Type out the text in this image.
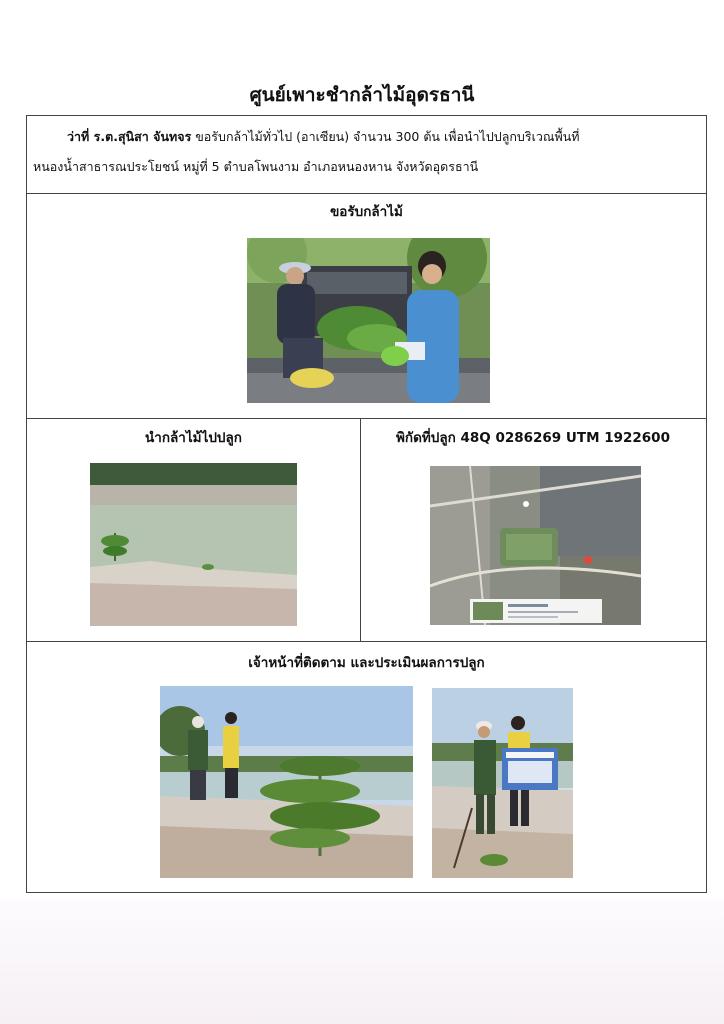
ศูนย์เพาะชำกล้าไม้อุดรธานี
ว่าที่ ร.ต.สุนิสา จันทจร ขอรับกล้าไม้ทั่วไป (อาเซียน) จำนวน 300 ต้น เพื่อนำไปปลูกบริเวณพื้นที่
หนองน้ำสาธารณประโยชน์ หมู่ที่ 5 ตำบลโพนงาม อำเภอหนองหาน จังหวัดอุดรธานี
ขอรับกล้าไม้
นำกล้าไม้ไปปลูก	พิกัดที่ปลูก 48Q 0286269 UTM 1922600
เจ้าหน้าที่ติดตาม และประเมินผลการปลูก
